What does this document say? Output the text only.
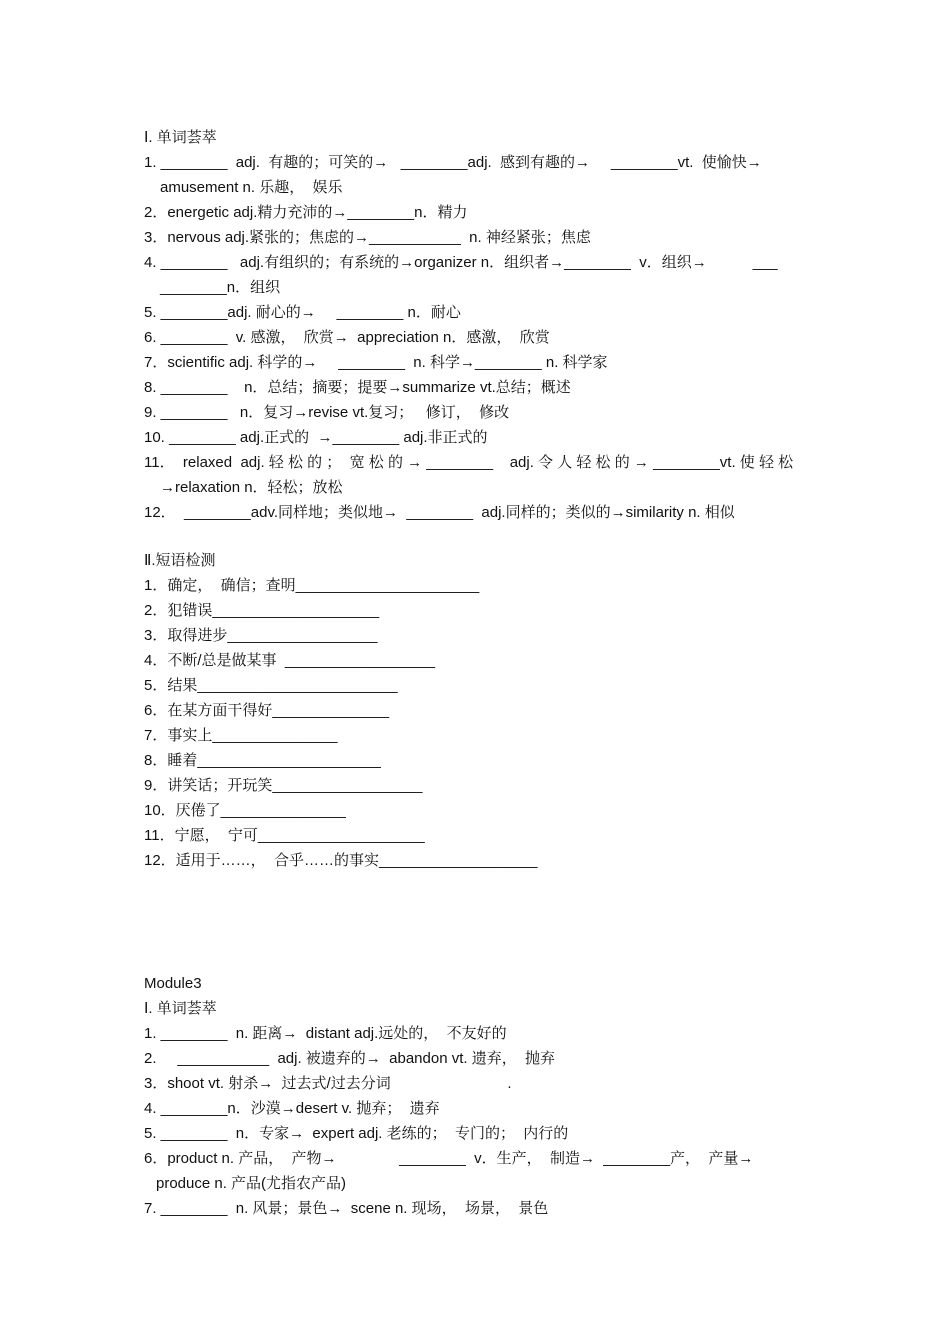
Ⅰ. 单词荟萃
1. ________  adj.  有趣的；可笑的→   ________adj.  感到有趣的→     ________vt.  使愉快→
amusement n. 乐趣，  娱乐
2．energetic adj.精力充沛的→________n．精力
3．nervous adj.紧张的；焦虑的→___________  n. 神经紧张；焦虑
4. ________   adj.有组织的；有系统的→organizer n．组织者→________  v．组织→           ___
________n．组织
5. ________adj. 耐心的→     ________ n．耐心
6. ________  v. 感激，  欣赏→  appreciation n．感激，  欣赏
7．scientific adj. 科学的→     ________  n. 科学→________ n. 科学家
8. ________    n．总结；摘要；提要→summarize vt.总结；概述
9. ________   n．复习→revise vt.复习；   修订，  修改
10. ________ adj.正式的  →________ adj.非正式的
11．  relaxed  adj. 轻 松 的 ；  宽 松 的 → ________    adj. 令 人 轻 松 的 → ________vt. 使 轻 松
→relaxation n．轻松；放松
12．  ________adv.同样地；类似地→  ________  adj.同样的；类似的→similarity n. 相似
Ⅱ.短语检测
1．确定，  确信；查明______________________
2．犯错误____________________
3．取得进步__________________
4．不断/总是做某事  __________________
5．结果________________________
6．在某方面干得好______________
7．事实上_______________
8．睡着______________________
9．讲笑话；开玩笑__________________
10．厌倦了_______________
11．宁愿，  宁可____________________
12．适用于……，  合乎……的事实___________________
Module3
Ⅰ. 单词荟萃
1. ________  n. 距离→  distant adj.远处的，  不友好的
2.     ___________  adj. 被遗弃的→  abandon vt. 遗弃，  抛弃
3．shoot vt. 射杀→  过去式/过去分词                            .
4. ________n．沙漠→desert v. 抛弃；  遗弃
5. ________  n．专家→  expert adj. 老练的；  专门的；  内行的
6．product n. 产品，  产物→               ________  v．生产，  制造→  ________产，  产量→
produce n. 产品(尤指农产品)
7. ________  n. 风景；景色→  scene n. 现场，  场景，  景色
